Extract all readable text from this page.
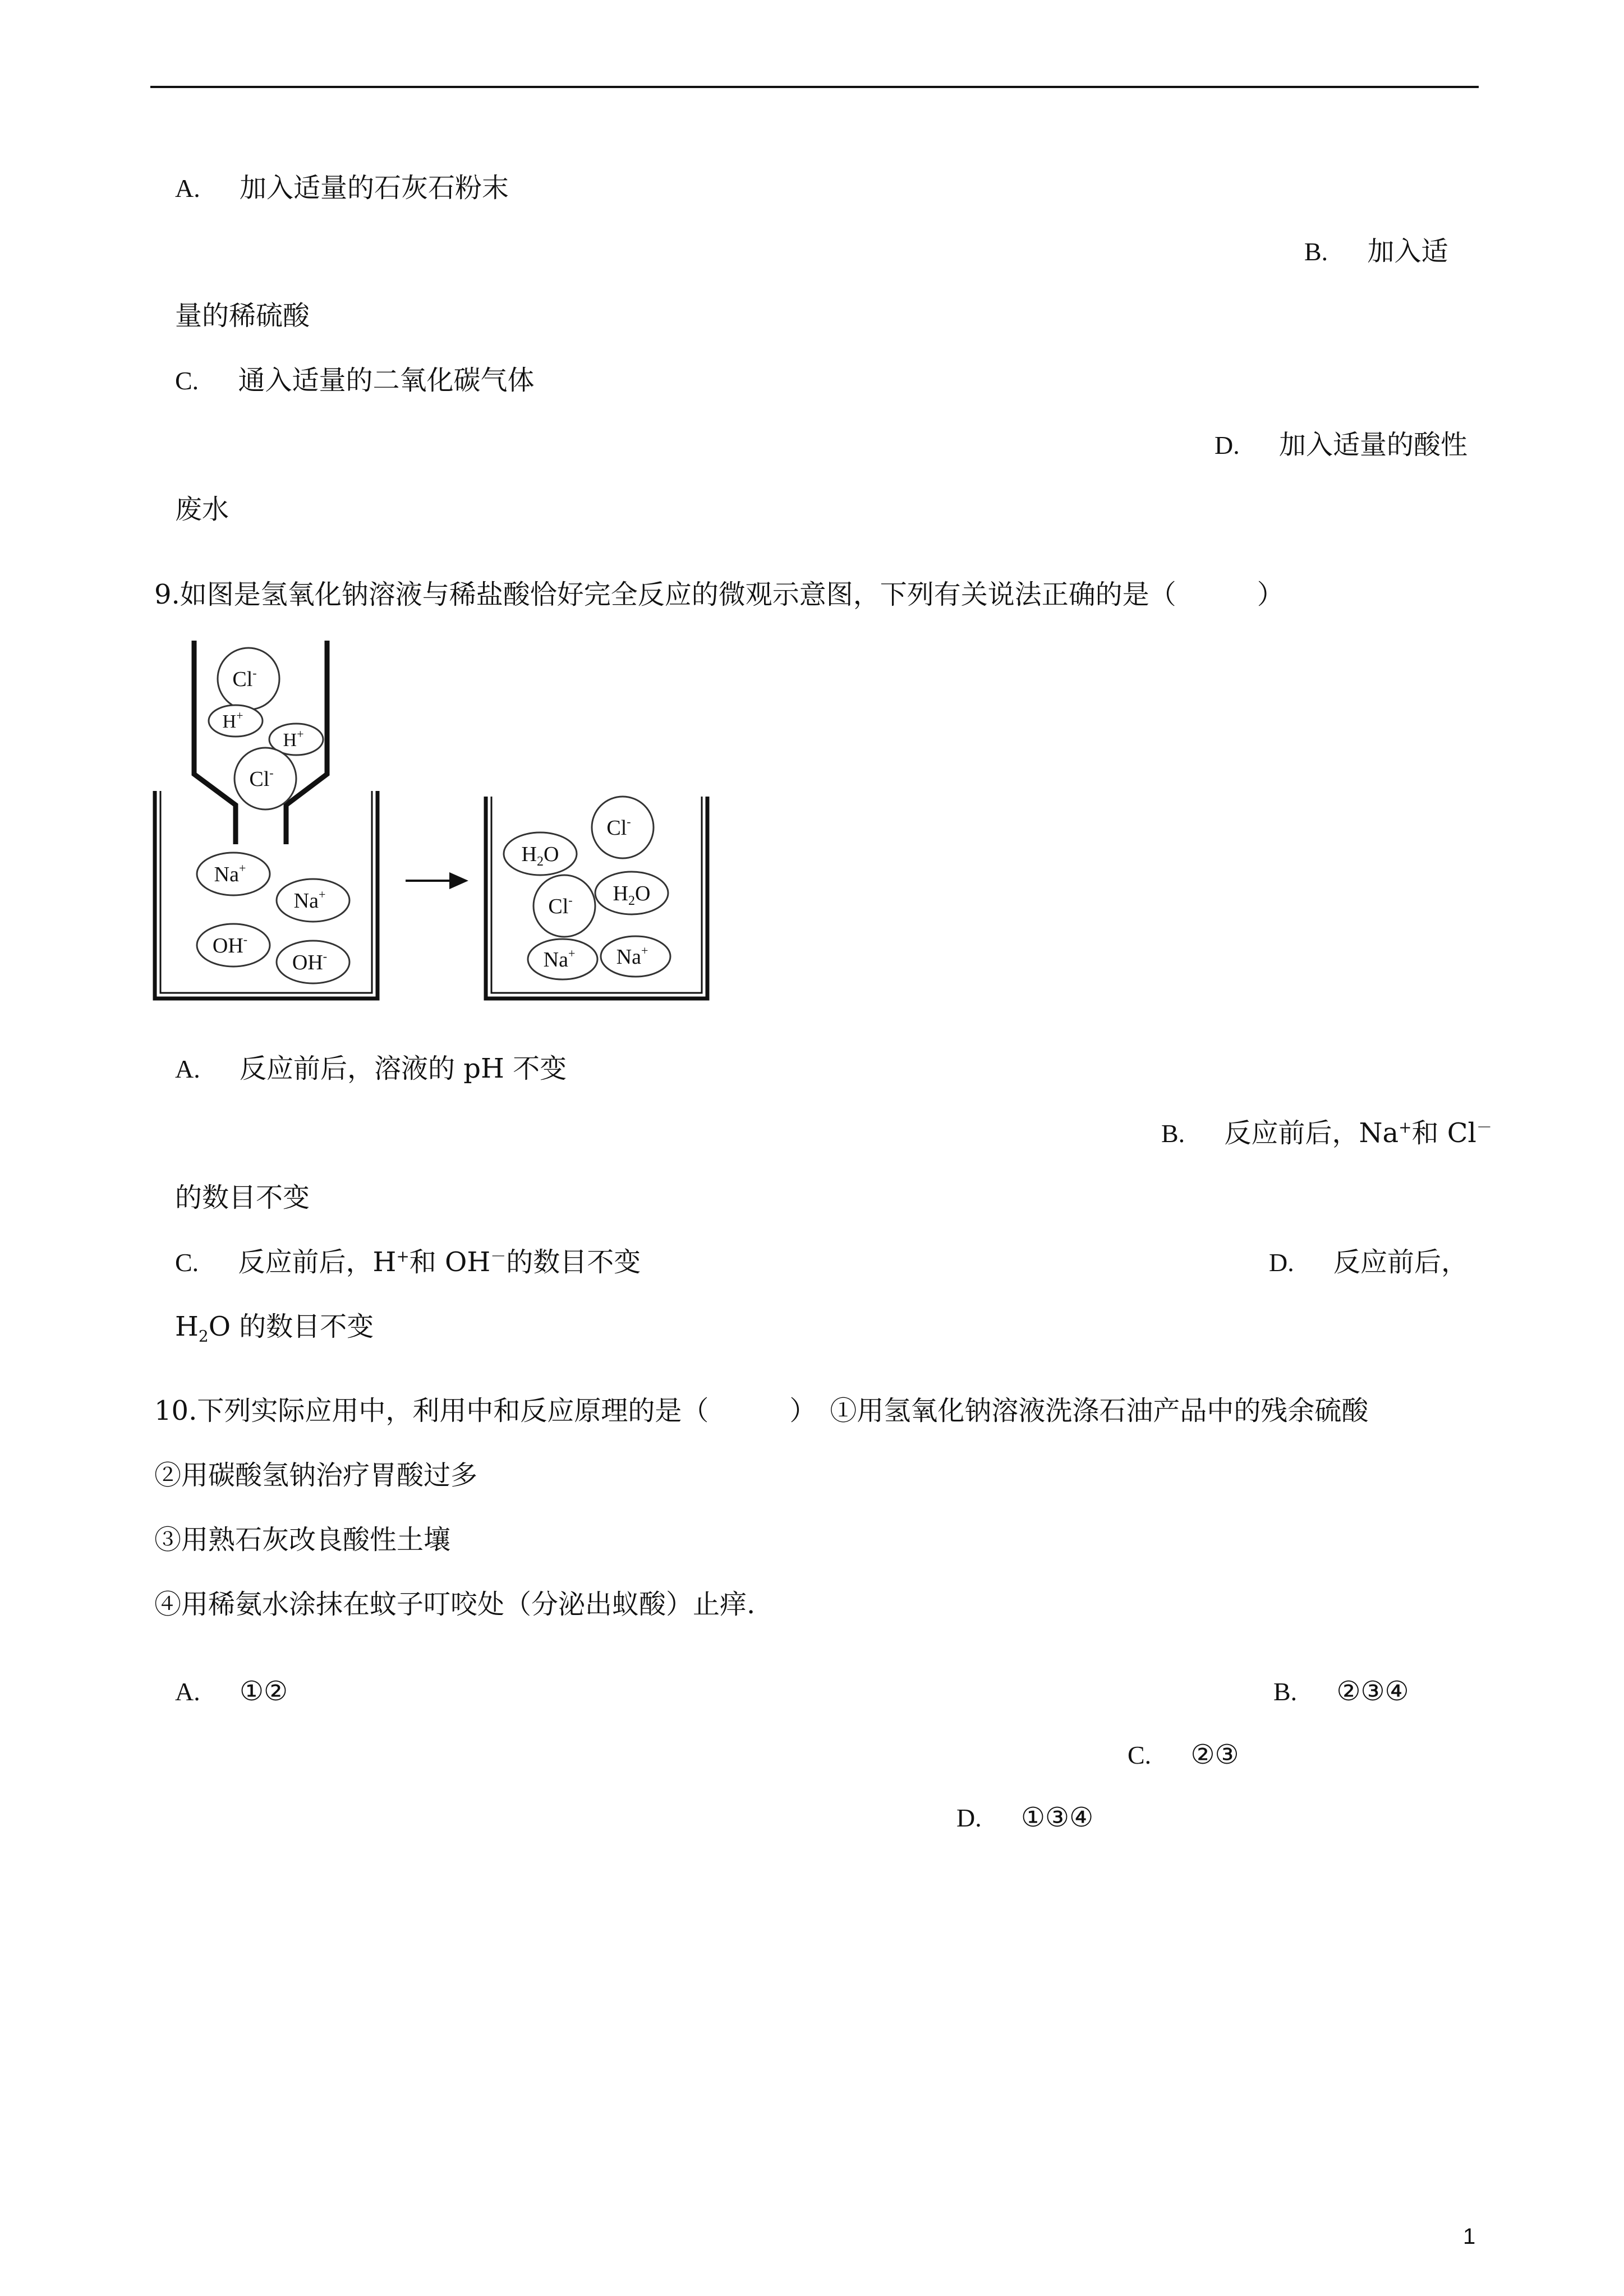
A. 加入适量的石灰石粉末
B. 加入适
量的稀硫酸
C. 通入适量的二氧化碳气体
D. 加入适量的酸性
废水
9.如图是氢氧化钠溶液与稀盐酸恰好完全反应的微观示意图，下列有关说法正确的是（　　　）
Cl-
H+
H+
Cl-
Na+
Na+
OH-
OH-
$H_2O$
Cl-
Cl- $H_2O$
Na+ Na+
A. 反应前后，溶液的 pH 不变
B. 反应前后，Na+和 Cl－
的数目不变
C. 反应前后，H+和 OH－的数目不变	D. 反应前后，
$H_2O$ 的数目不变
10.下列实际应用中，利用中和反应原理的是（　　　）　①用氢氧化钠溶液洗涤石油产品中的残余硫酸
②用碳酸氢钠治疗胃酸过多
③用熟石灰改良酸性土壤
④用稀氨水涂抹在蚊子叮咬处（分泌出蚁酸）止痒.
A. ①②	B. ②③④
C. ②③
D. ①③④
1
